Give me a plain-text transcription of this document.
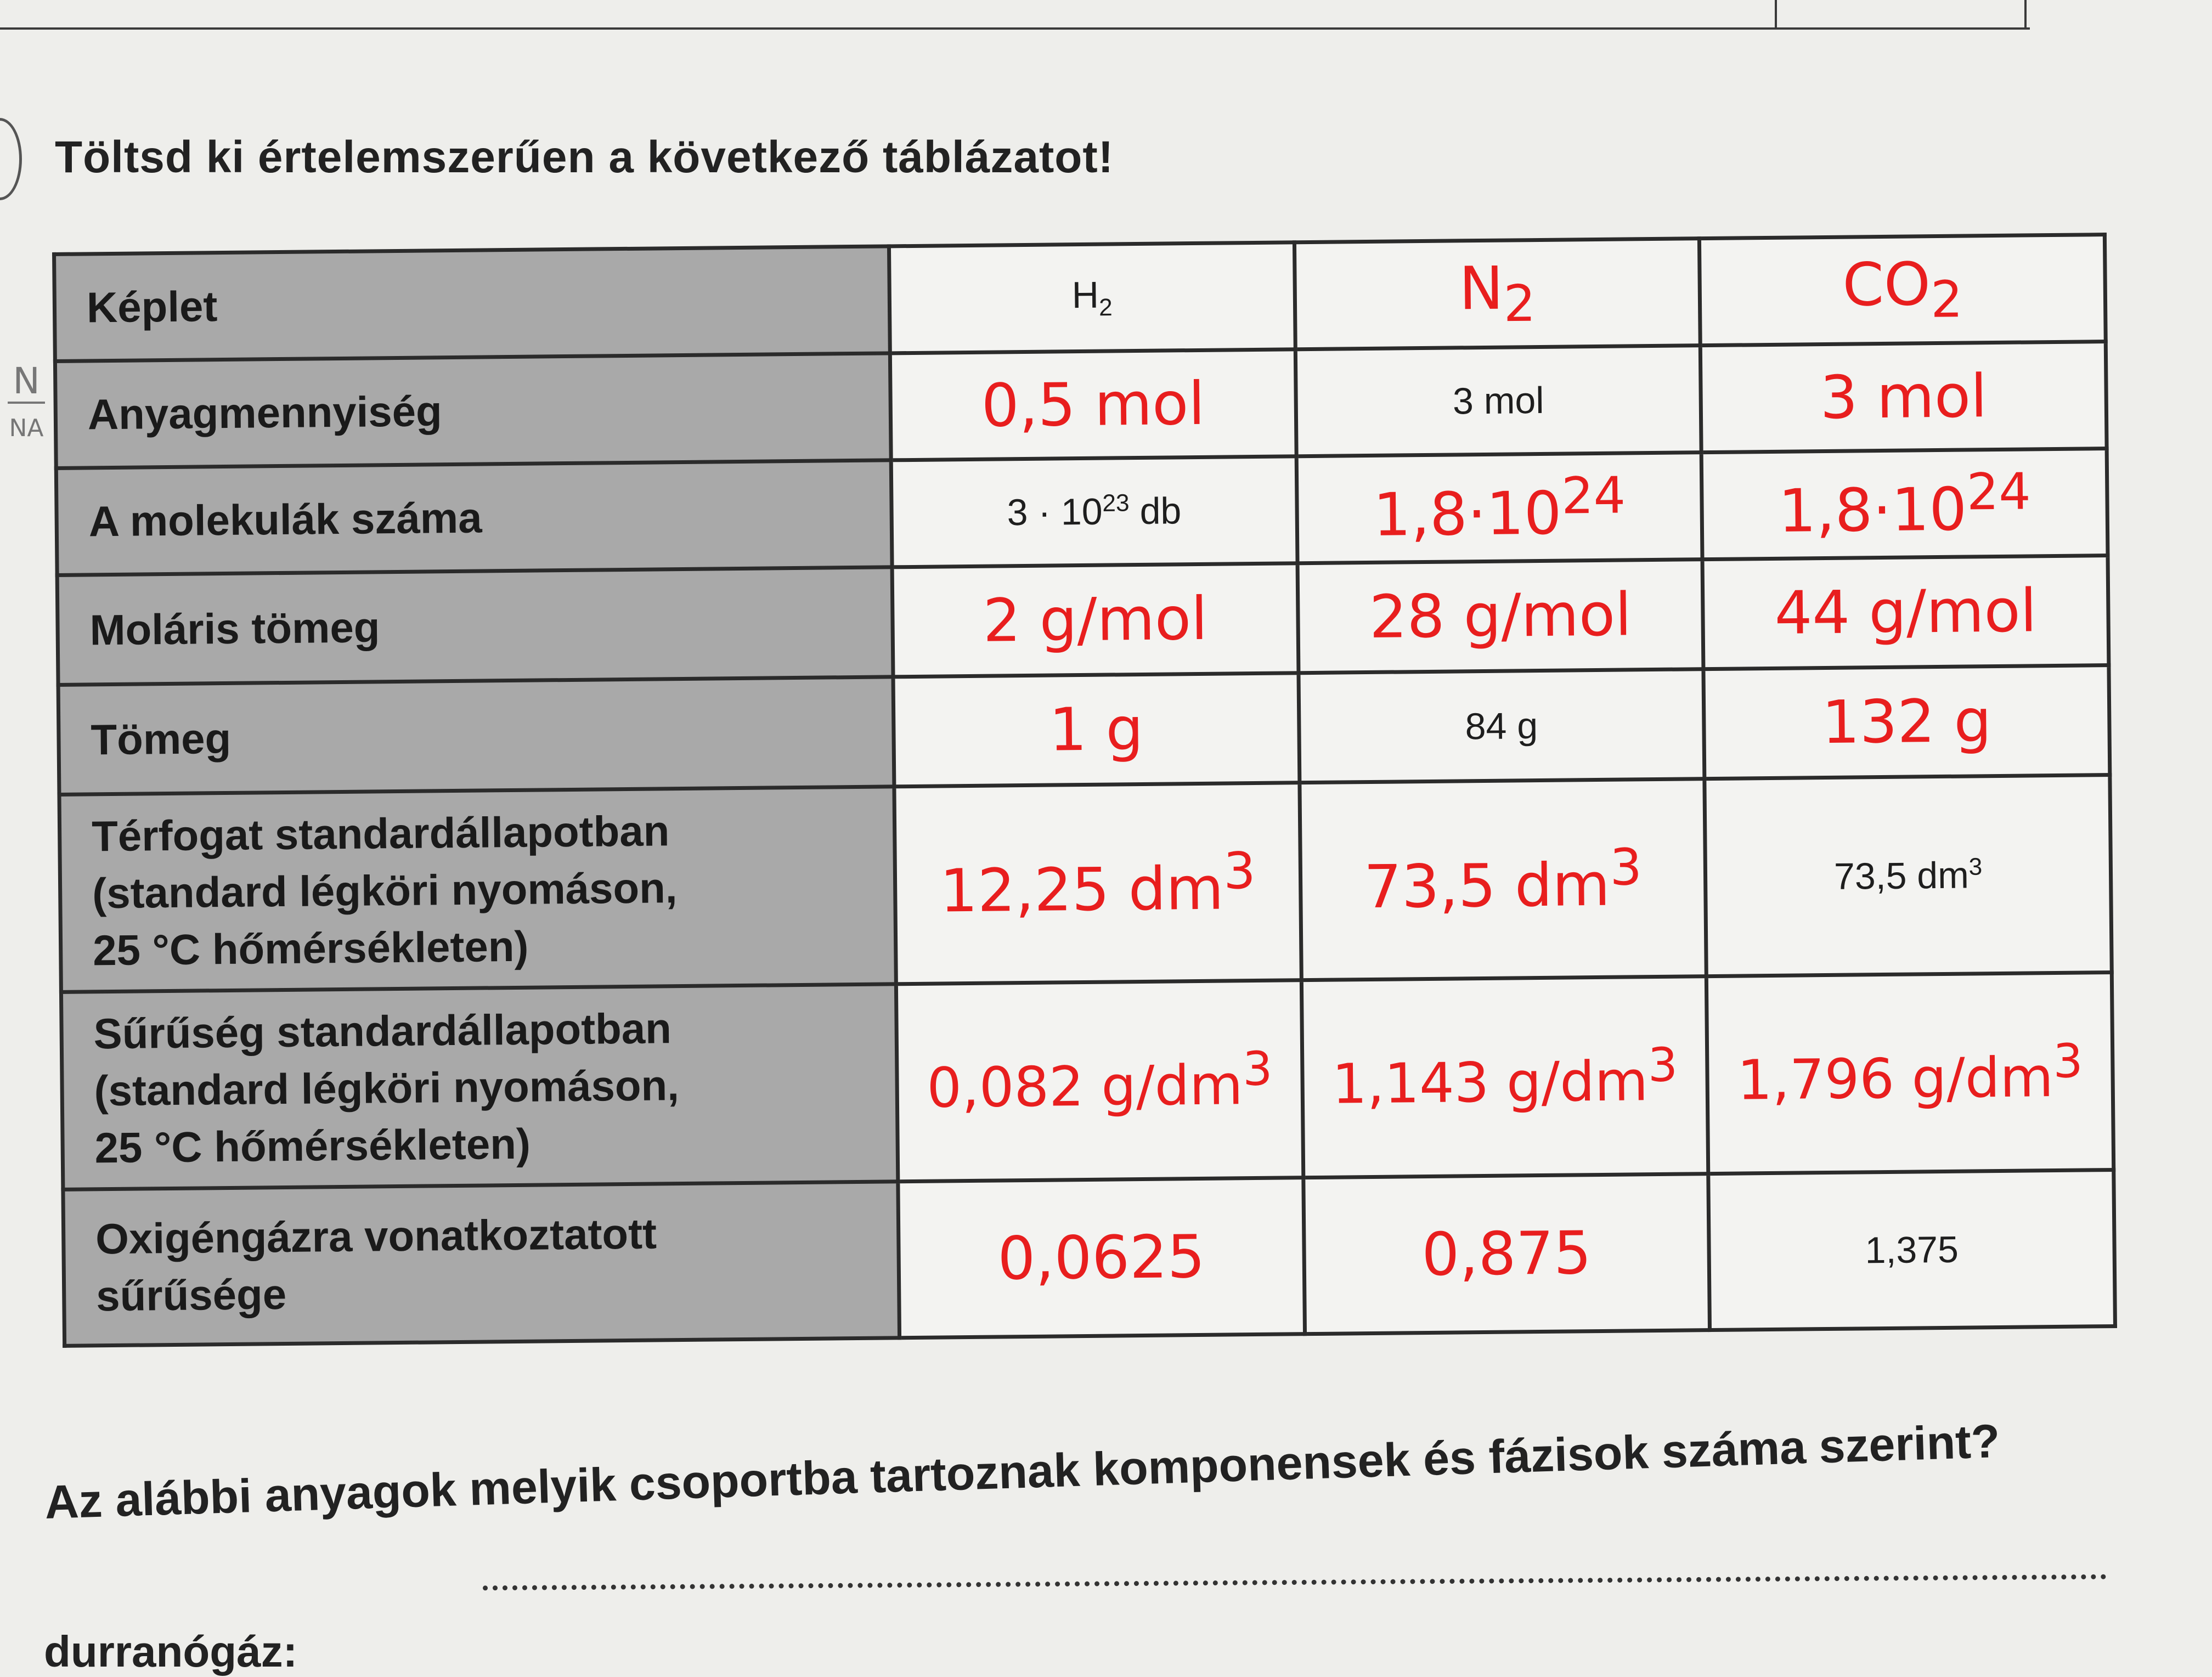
Töltsd ki értelemszerűen a következő táblázatot!
N
NA
Képlet	$H_2$	$N_2$	$CO_2$
Anyagmennyiség	0,5 mol	3 mol	3 mol
A molekulák száma	$3 \cdot 10^{23}$ db	$1,8\cdot 10^{24}$	$1,8\cdot 10^{24}$
Moláris tömeg	2 g/mol	28 g/mol	44 g/mol
Tömeg	1 g	84 g	132 g

Térfogat standardállapotban
(standard légköri nyomáson,
25 °C hőmérsékleten)	12,25 $dm^3$	73,5 $dm^3$	73,5 $dm^3$

Sűrűség standardállapotban
(standard légköri nyomáson,
25 °C hőmérsékleten)	0,082 $g/dm^3$	1,143 $g/dm^3$	1,796 $g/dm^3$

Oxigéngázra vonatkoztatott
sűrűsége	0,0625	0,875	1,375
Az alábbi anyagok melyik csoportba tartoznak komponensek és fázisok száma szerint?
durranógáz:
